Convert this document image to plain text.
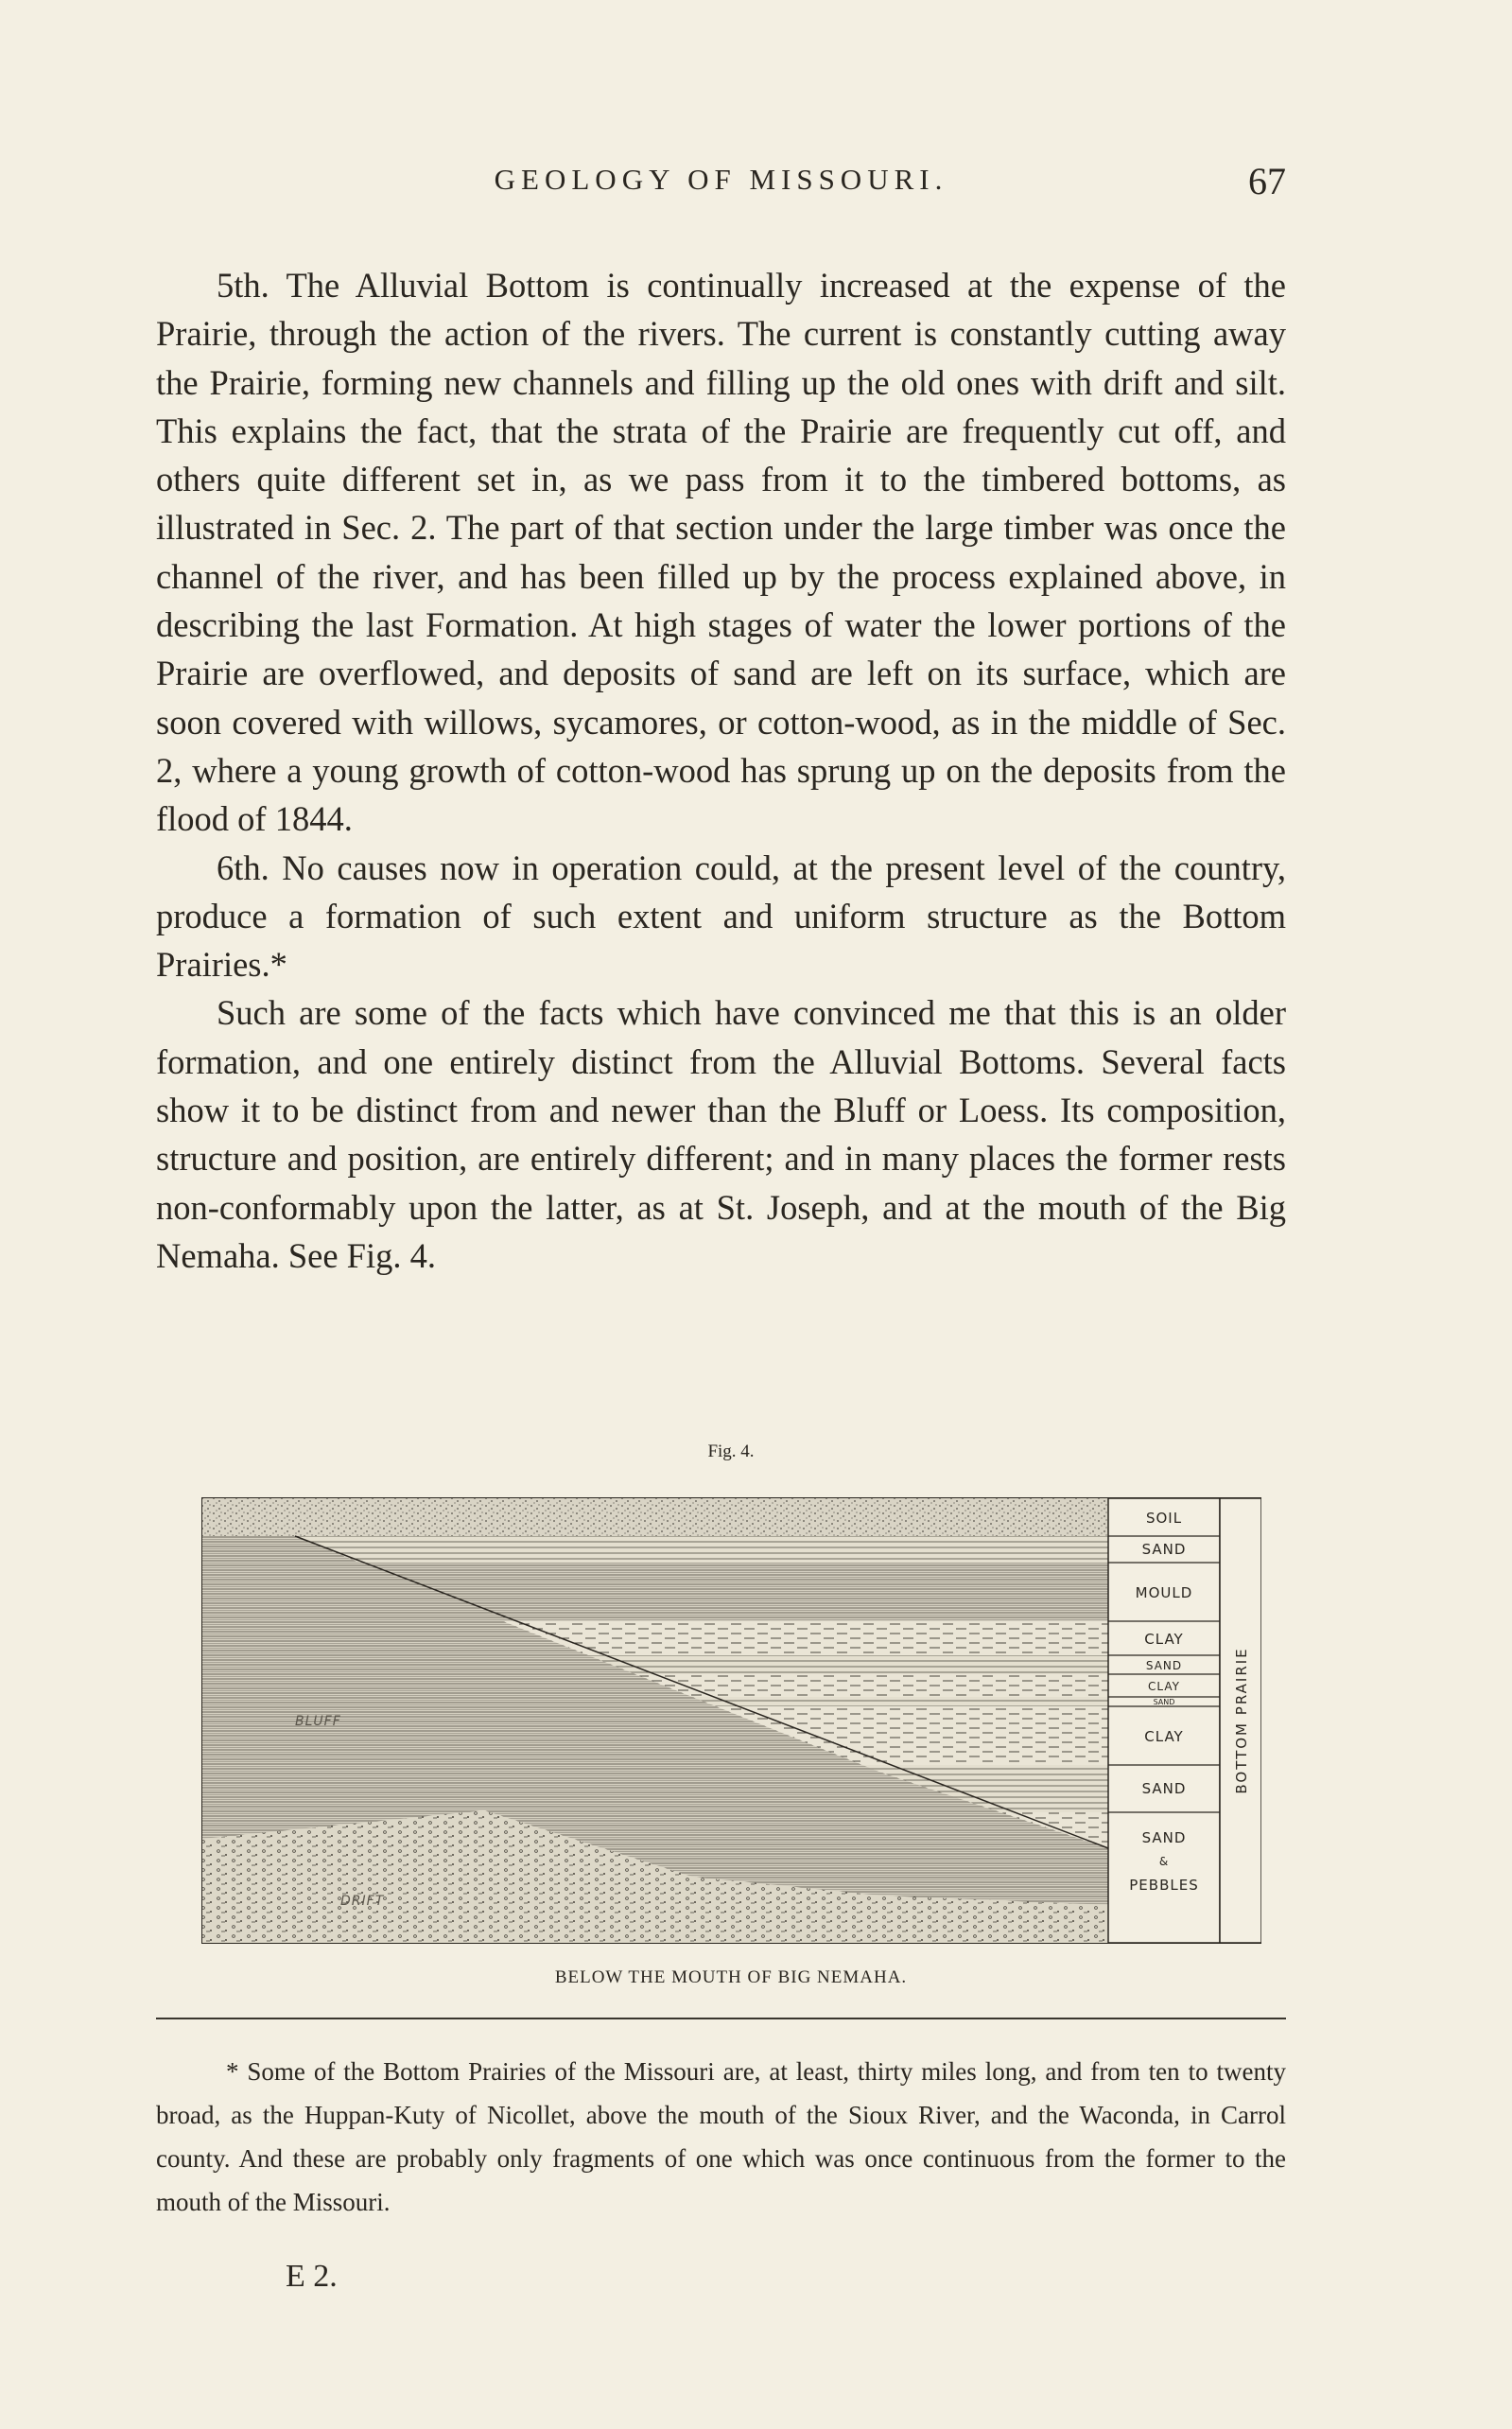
GEOLOGY OF MISSOURI.	67

5th. The Alluvial Bottom is continually increased at the expense of the Prairie, through the action of the rivers. The current is constantly cutting away the Prairie, forming new channels and filling up the old ones with drift and silt. This explains the fact, that the strata of the Prairie are frequently cut off, and others quite different set in, as we pass from it to the timbered bottoms, as illustrated in Sec. 2. The part of that section under the large timber was once the channel of the river, and has been filled up by the process explained above, in describing the last Formation. At high stages of water the lower portions of the Prairie are overflowed, and deposits of sand are left on its surface, which are soon covered with willows, sycamores, or cotton-wood, as in the middle of Sec. 2, where a young growth of cotton-wood has sprung up on the deposits from the flood of 1844.

6th. No causes now in operation could, at the present level of the country, produce a formation of such extent and uniform structure as the Bottom Prairies.*

Such are some of the facts which have convinced me that this is an older formation, and one entirely distinct from the Alluvial Bottoms. Several facts show it to be distinct from and newer than the Bluff or Loess. Its composition, structure and position, are entirely different; and in many places the former rests non-conformably upon the latter, as at St. Joseph, and at the mouth of the Big Nemaha. See Fig. 4.

Fig. 4.
BLUFF
DRIFT
SOIL
SAND
MOULD
CLAY
SAND
CLAY
SAND
CLAY
SAND
SAND
&
PEBBLES
BOTTOM PRAIRIE
BELOW THE MOUTH OF BIG NEMAHA.

* Some of the Bottom Prairies of the Missouri are, at least, thirty miles long, and from ten to twenty broad, as the Huppan-Kuty of Nicollet, above the mouth of the Sioux River, and the Waconda, in Carrol county. And these are probably only fragments of one which was once continuous from the former to the mouth of the Missouri.

E 2.
